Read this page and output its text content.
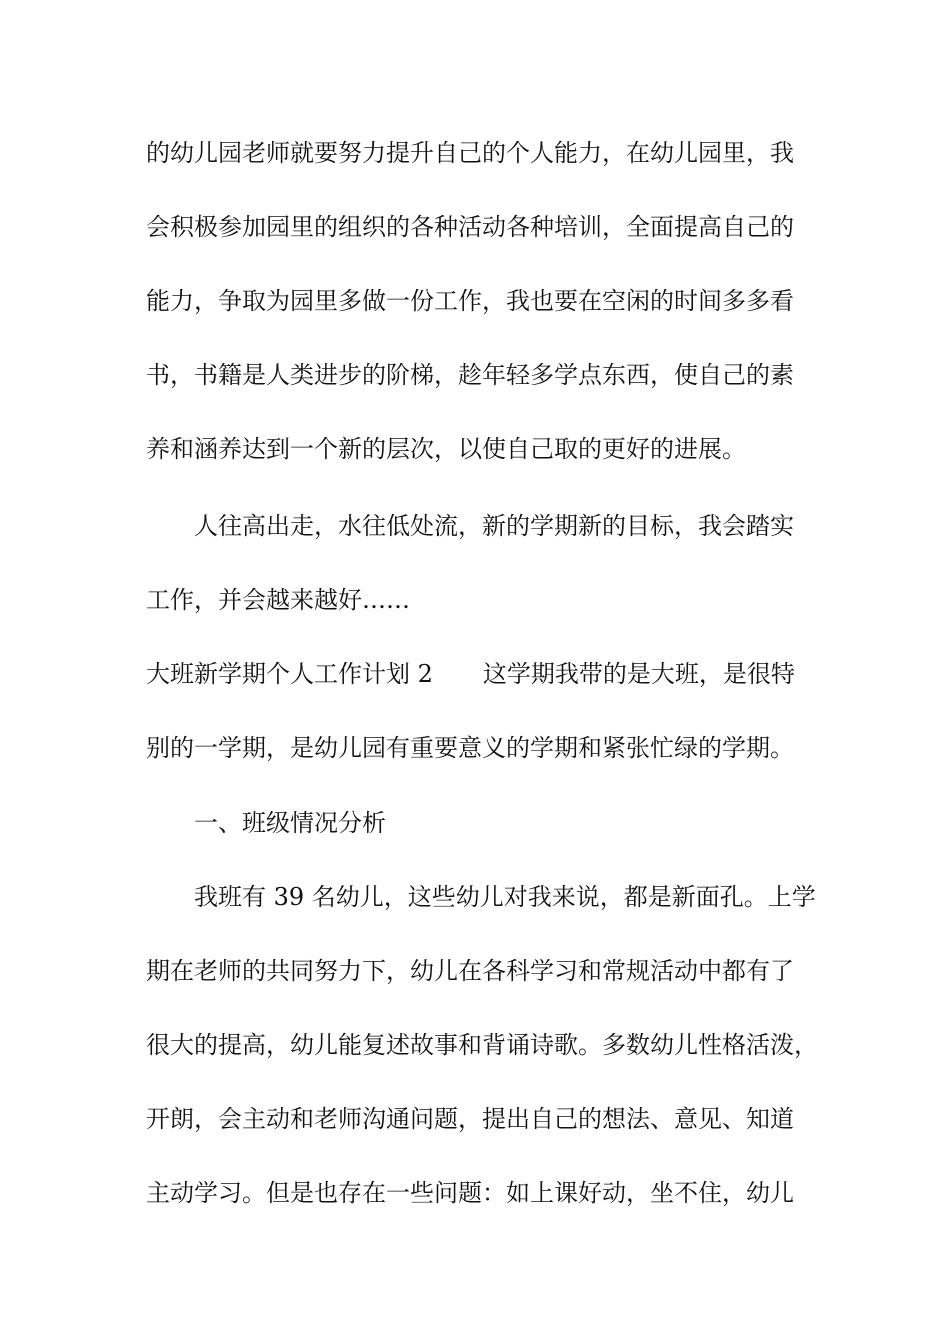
的幼儿园老师就要努力提升自己的个人能力，在幼儿园里，我
会积极参加园里的组织的各种活动各种培训，全面提高自己的
能力，争取为园里多做一份工作，我也要在空闲的时间多多看
书，书籍是人类进步的阶梯，趁年轻多学点东西，使自己的素
养和涵养达到一个新的层次，以使自己取的更好的进展。
人往高出走，水往低处流，新的学期新的目标，我会踏实
工作，并会越来越好……
大班新学期个人工作计划 2 这学期我带的是大班，是很特
别的一学期，是幼儿园有重要意义的学期和紧张忙绿的学期。
一、班级情况分析
我班有 39 名幼儿，这些幼儿对我来说，都是新面孔。上学
期在老师的共同努力下，幼儿在各科学习和常规活动中都有了
很大的提高，幼儿能复述故事和背诵诗歌。多数幼儿性格活泼，
开朗，会主动和老师沟通问题，提出自己的想法、意见、知道
主动学习。但是也存在一些问题：如上课好动，坐不住，幼儿
